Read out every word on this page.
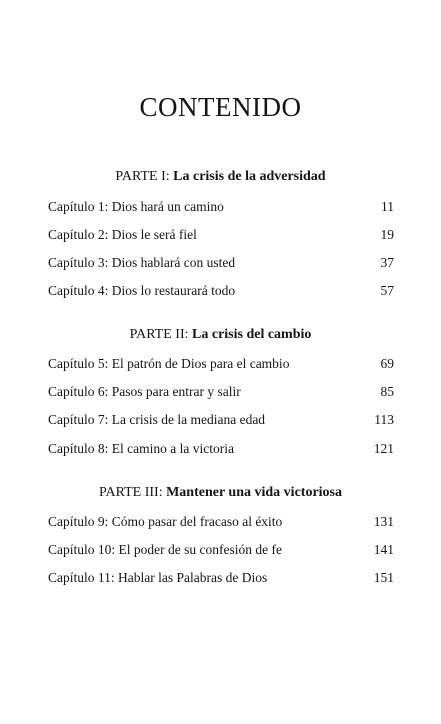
CONTENIDO
PARTE I: La crisis de la adversidad
Capítulo 1: Dios hará un camino	11
Capítulo 2: Dios le será fiel	19
Capítulo 3: Dios hablará con usted	37
Capítulo 4: Dios lo restaurará todo	57
PARTE II: La crisis del cambio
Capítulo 5: El patrón de Dios para el cambio	69
Capítulo 6: Pasos para entrar y salir	85
Capítulo 7: La crisis de la mediana edad	113
Capítulo 8: El camino a la victoria	121
PARTE III: Mantener una vida victoriosa
Capítulo 9: Cómo pasar del fracaso al éxito	131
Capítulo 10: El poder de su confesión de fe	141
Capítulo 11: Hablar las Palabras de Dios	151
